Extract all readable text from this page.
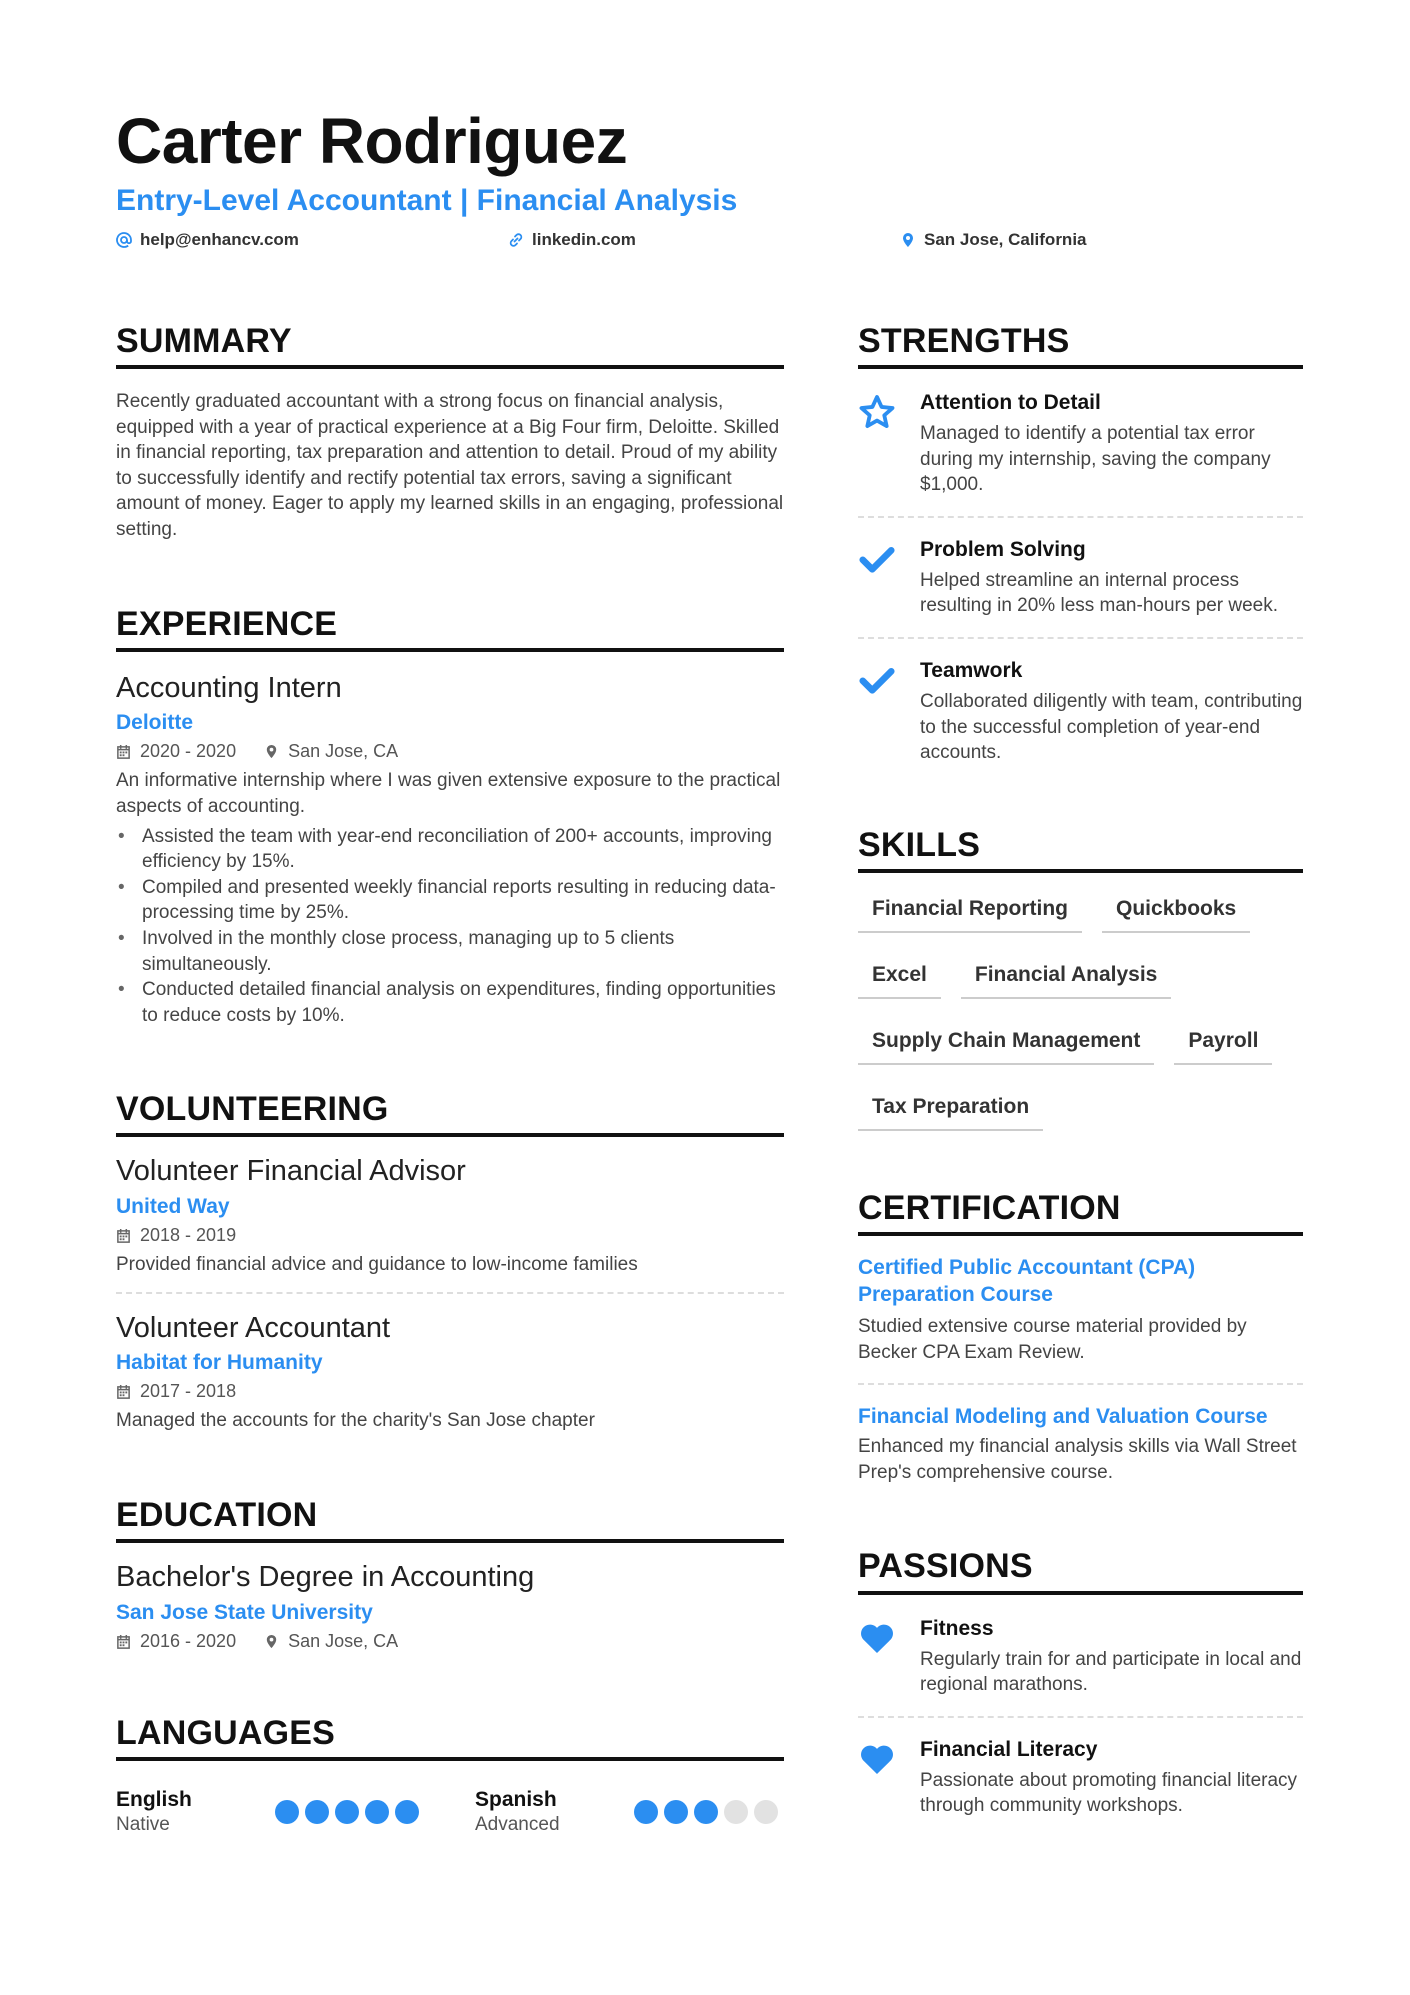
Carter Rodriguez
Entry-Level Accountant | Financial Analysis
help@enhancv.com	linkedin.com	San Jose, California
SUMMARY
Recently graduated accountant with a strong focus on financial analysis, equipped with a year of practical experience at a Big Four firm, Deloitte. Skilled in financial reporting, tax preparation and attention to detail. Proud of my ability to successfully identify and rectify potential tax errors, saving a significant amount of money. Eager to apply my learned skills in an engaging, professional setting.
EXPERIENCE
Accounting Intern
Deloitte
2020 - 2020	San Jose, CA
An informative internship where I was given extensive exposure to the practical aspects of accounting.
• Assisted the team with year-end reconciliation of 200+ accounts, improving efficiency by 15%.
• Compiled and presented weekly financial reports resulting in reducing data-processing time by 25%.
• Involved in the monthly close process, managing up to 5 clients simultaneously.
• Conducted detailed financial analysis on expenditures, finding opportunities to reduce costs by 10%.
VOLUNTEERING
Volunteer Financial Advisor
United Way
2018 - 2019
Provided financial advice and guidance to low-income families
Volunteer Accountant
Habitat for Humanity
2017 - 2018
Managed the accounts for the charity's San Jose chapter
EDUCATION
Bachelor's Degree in Accounting
San Jose State University
2016 - 2020	San Jose, CA
LANGUAGES
English
Native
Spanish
Advanced
STRENGTHS
Attention to Detail
Managed to identify a potential tax error during my internship, saving the company $1,000.
Problem Solving
Helped streamline an internal process resulting in 20% less man-hours per week.
Teamwork
Collaborated diligently with team, contributing to the successful completion of year-end accounts.
SKILLS
Financial Reporting	Quickbooks
Excel	Financial Analysis
Supply Chain Management	Payroll
Tax Preparation
CERTIFICATION
Certified Public Accountant (CPA) Preparation Course
Studied extensive course material provided by Becker CPA Exam Review.
Financial Modeling and Valuation Course
Enhanced my financial analysis skills via Wall Street Prep's comprehensive course.
PASSIONS
Fitness
Regularly train for and participate in local and regional marathons.
Financial Literacy
Passionate about promoting financial literacy through community workshops.
